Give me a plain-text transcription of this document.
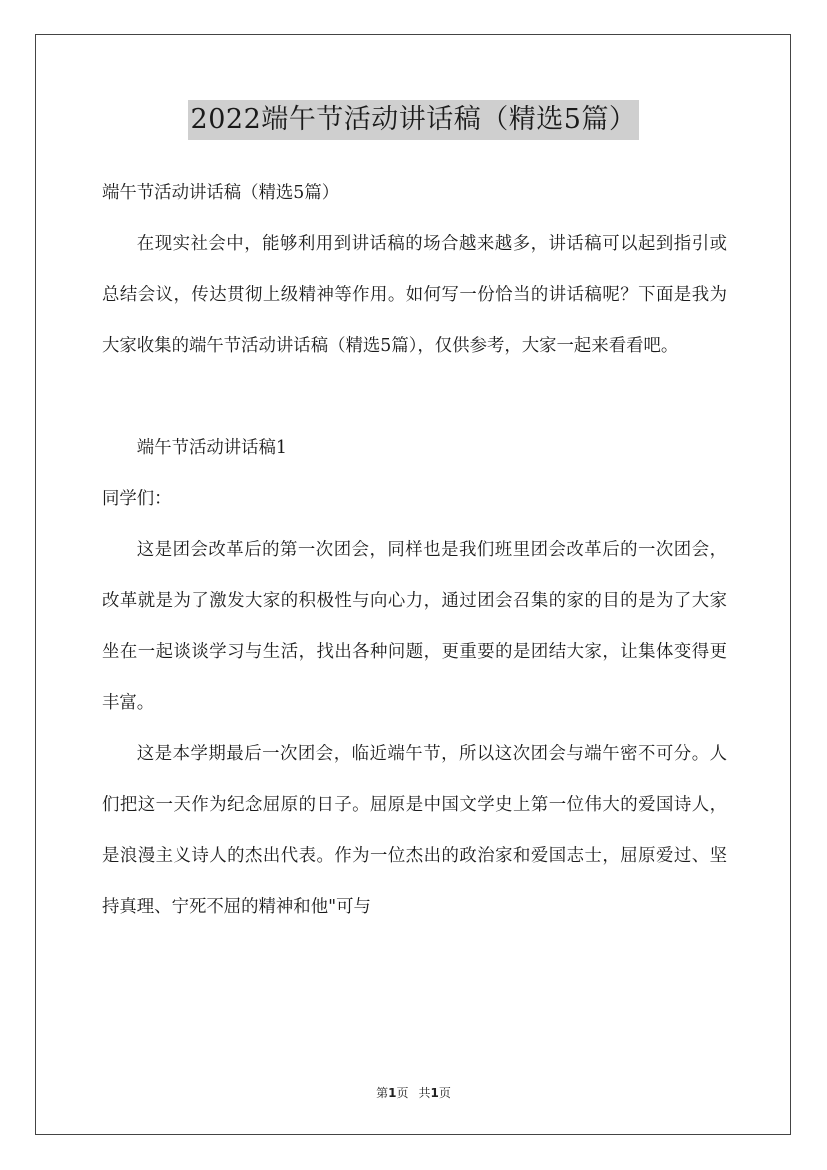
2022端午节活动讲话稿（精选5篇）

端午节活动讲话稿（精选5篇）

在现实社会中，能够利用到讲话稿的场合越来越多，讲话稿可以起到指引或总结会议，传达贯彻上级精神等作用。如何写一份恰当的讲话稿呢？下面是我为大家收集的端午节活动讲话稿（精选5篇），仅供参考，大家一起来看看吧。

端午节活动讲话稿1

同学们：

这是团会改革后的第一次团会，同样也是我们班里团会改革后的一次团会，改革就是为了激发大家的积极性与向心力，通过团会召集的家的目的是为了大家坐在一起谈谈学习与生活，找出各种问题，更重要的是团结大家，让集体变得更丰富。

这是本学期最后一次团会，临近端午节，所以这次团会与端午密不可分。人们把这一天作为纪念屈原的日子。屈原是中国文学史上第一位伟大的爱国诗人，是浪漫主义诗人的杰出代表。作为一位杰出的政治家和爱国志士，屈原爱过、坚持真理、宁死不屈的精神和他"可与

第1页 共1页
